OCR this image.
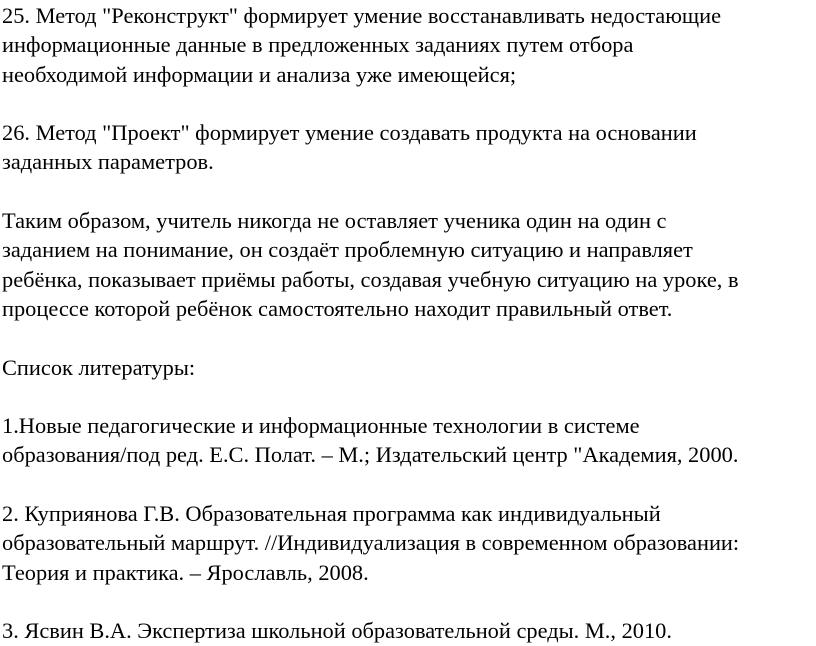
25. Метод "Реконструкт" формирует умение восстанавливать недостающие
информационные данные в предложенных заданиях путем отбора
необходимой информации и анализа уже имеющейся;

26. Метод "Проект" формирует умение создавать продукта на основании
заданных параметров.

Таким образом, учитель никогда не оставляет ученика один на один с
заданием на понимание, он создаёт проблемную ситуацию и направляет
ребёнка, показывает приёмы работы, создавая учебную ситуацию на уроке, в
процессе которой ребёнок самостоятельно находит правильный ответ.

Список литературы:

1.Новые педагогические и информационные технологии в системе
образования/под ред. Е.С. Полат. – М.; Издательский центр "Академия, 2000.

2. Куприянова Г.В. Образовательная программа как индивидуальный
образовательный маршрут. //Индивидуализация в современном образовании:
Теория и практика. – Ярославль, 2008.

3. Ясвин В.А. Экспертиза школьной образовательной среды. М., 2010.
